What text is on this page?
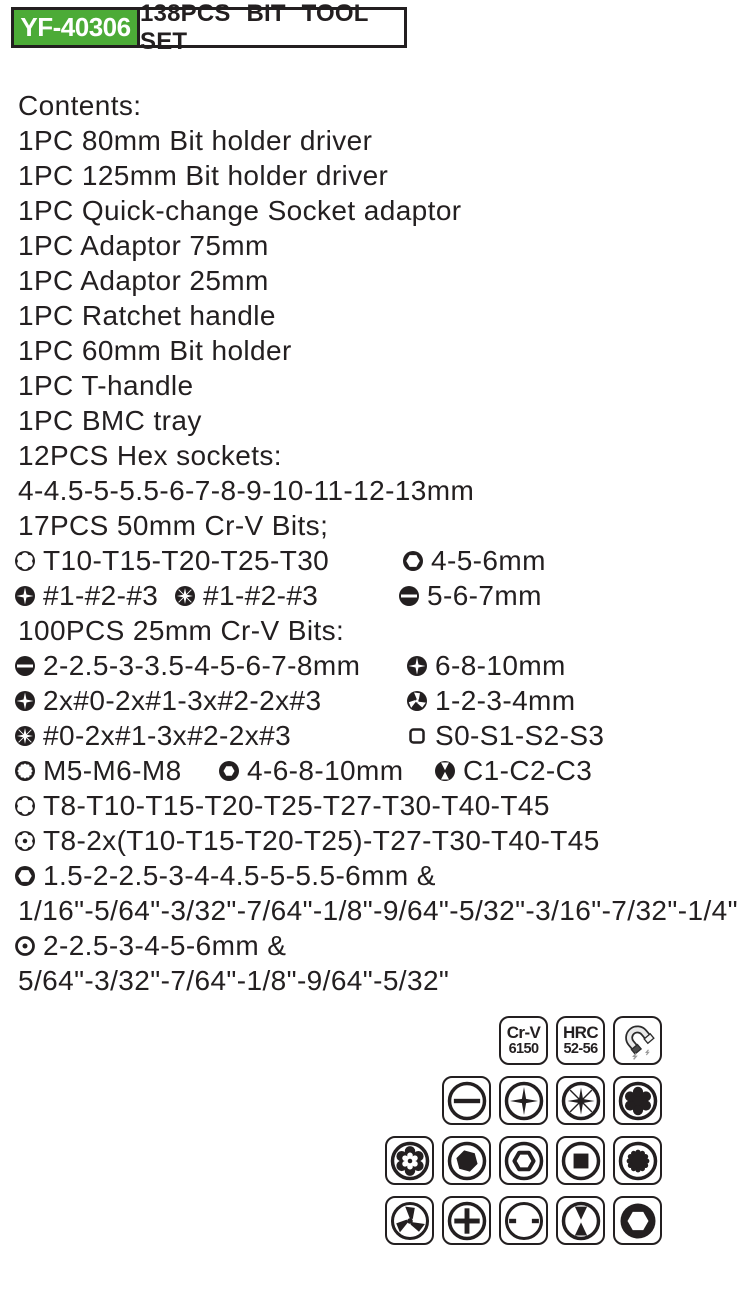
YF-40306 138PCS BIT TOOL SET
Contents:
1PC 80mm Bit holder driver
1PC 125mm Bit holder driver
1PC Quick-change Socket adaptor
1PC Adaptor 75mm
1PC Adaptor 25mm
1PC Ratchet handle
1PC 60mm Bit holder
1PC T-handle
1PC BMC tray
12PCS Hex sockets:
4-4.5-5-5.5-6-7-8-9-10-11-12-13mm
17PCS 50mm Cr-V Bits;
T10-T15-T20-T25-T30	4-5-6mm
#1-#2-#3 #1-#2-#3	5-6-7mm
100PCS 25mm Cr-V Bits:
2-2.5-3-3.5-4-5-6-7-8mm	6-8-10mm
2x#0-2x#1-3x#2-2x#3	1-2-3-4mm
#0-2x#1-3x#2-2x#3	S0-S1-S2-S3
M5-M6-M8 4-6-8-10mm C1-C2-C3
T8-T10-T15-T20-T25-T27-T30-T40-T45
T8-2x(T10-T15-T20-T25)-T27-T30-T40-T45
1.5-2-2.5-3-4-4.5-5-5.5-6mm &
1/16"-5/64"-3/32"-7/64"-1/8"-9/64"-5/32"-3/16"-7/32"-1/4"
2-2.5-3-4-5-6mm &
5/64"-3/32"-7/64"-1/8"-9/64"-5/32"
Cr-V
6150
HRC
52-56
